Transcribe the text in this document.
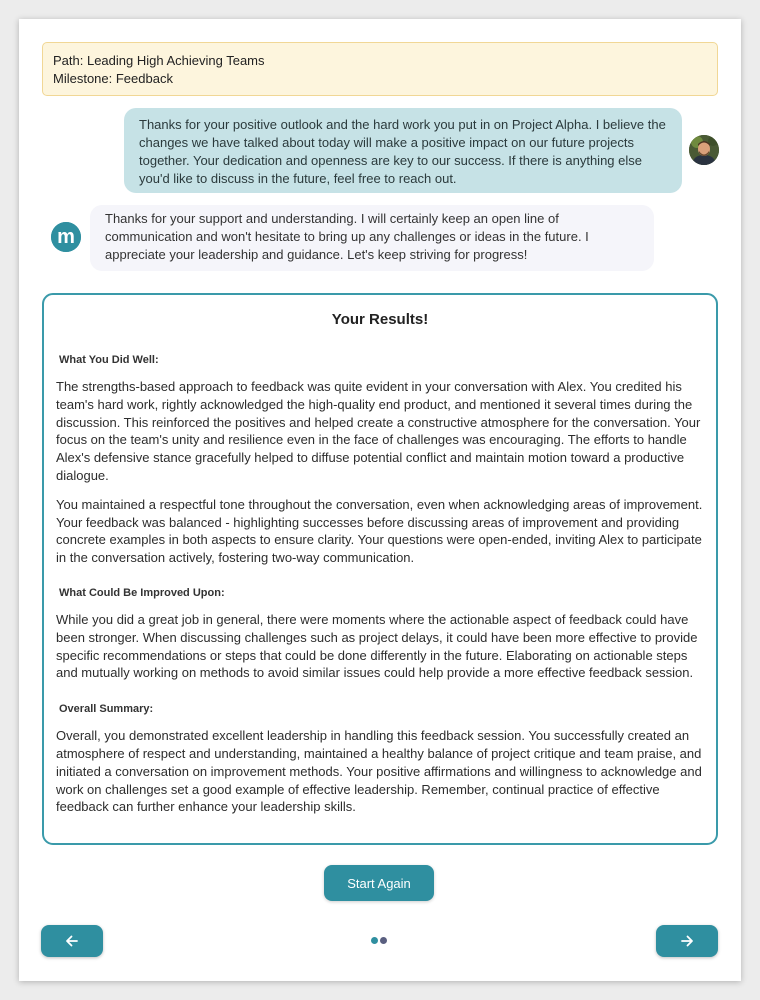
Path: Leading High Achieving Teams
Milestone: Feedback
Thanks for your positive outlook and the hard work you put in on Project Alpha. I believe the changes we have talked about today will make a positive impact on our future projects together. Your dedication and openness are key to our success. If there is anything else you'd like to discuss in the future, feel free to reach out.
m
Thanks for your support and understanding. I will certainly keep an open line of communication and won't hesitate to bring up any challenges or ideas in the future. I appreciate your leadership and guidance. Let's keep striving for progress!
Your Results!
What You Did Well:

The strengths-based approach to feedback was quite evident in your conversation with Alex. You credited his team's hard work, rightly acknowledged the high-quality end product, and mentioned it several times during the discussion. This reinforced the positives and helped create a constructive atmosphere for the conversation. Your focus on the team's unity and resilience even in the face of challenges was encouraging. The efforts to handle Alex's defensive stance gracefully helped to diffuse potential conflict and maintain motion toward a productive dialogue.

You maintained a respectful tone throughout the conversation, even when acknowledging areas of improvement. Your feedback was balanced - highlighting successes before discussing areas of improvement and providing concrete examples in both aspects to ensure clarity. Your questions were open-ended, inviting Alex to participate in the conversation actively, fostering two-way communication.

What Could Be Improved Upon:

While you did a great job in general, there were moments where the actionable aspect of feedback could have been stronger. When discussing challenges such as project delays, it could have been more effective to provide specific recommendations or steps that could be done differently in the future. Elaborating on actionable steps and mutually working on methods to avoid similar issues could help provide a more effective feedback session.

Overall Summary:

Overall, you demonstrated excellent leadership in handling this feedback session. You successfully created an atmosphere of respect and understanding, maintained a healthy balance of project critique and team praise, and initiated a conversation on improvement methods. Your positive affirmations and willingness to acknowledge and work on challenges set a good example of effective leadership. Remember, continual practice of effective feedback can further enhance your leadership skills.

Start Again
